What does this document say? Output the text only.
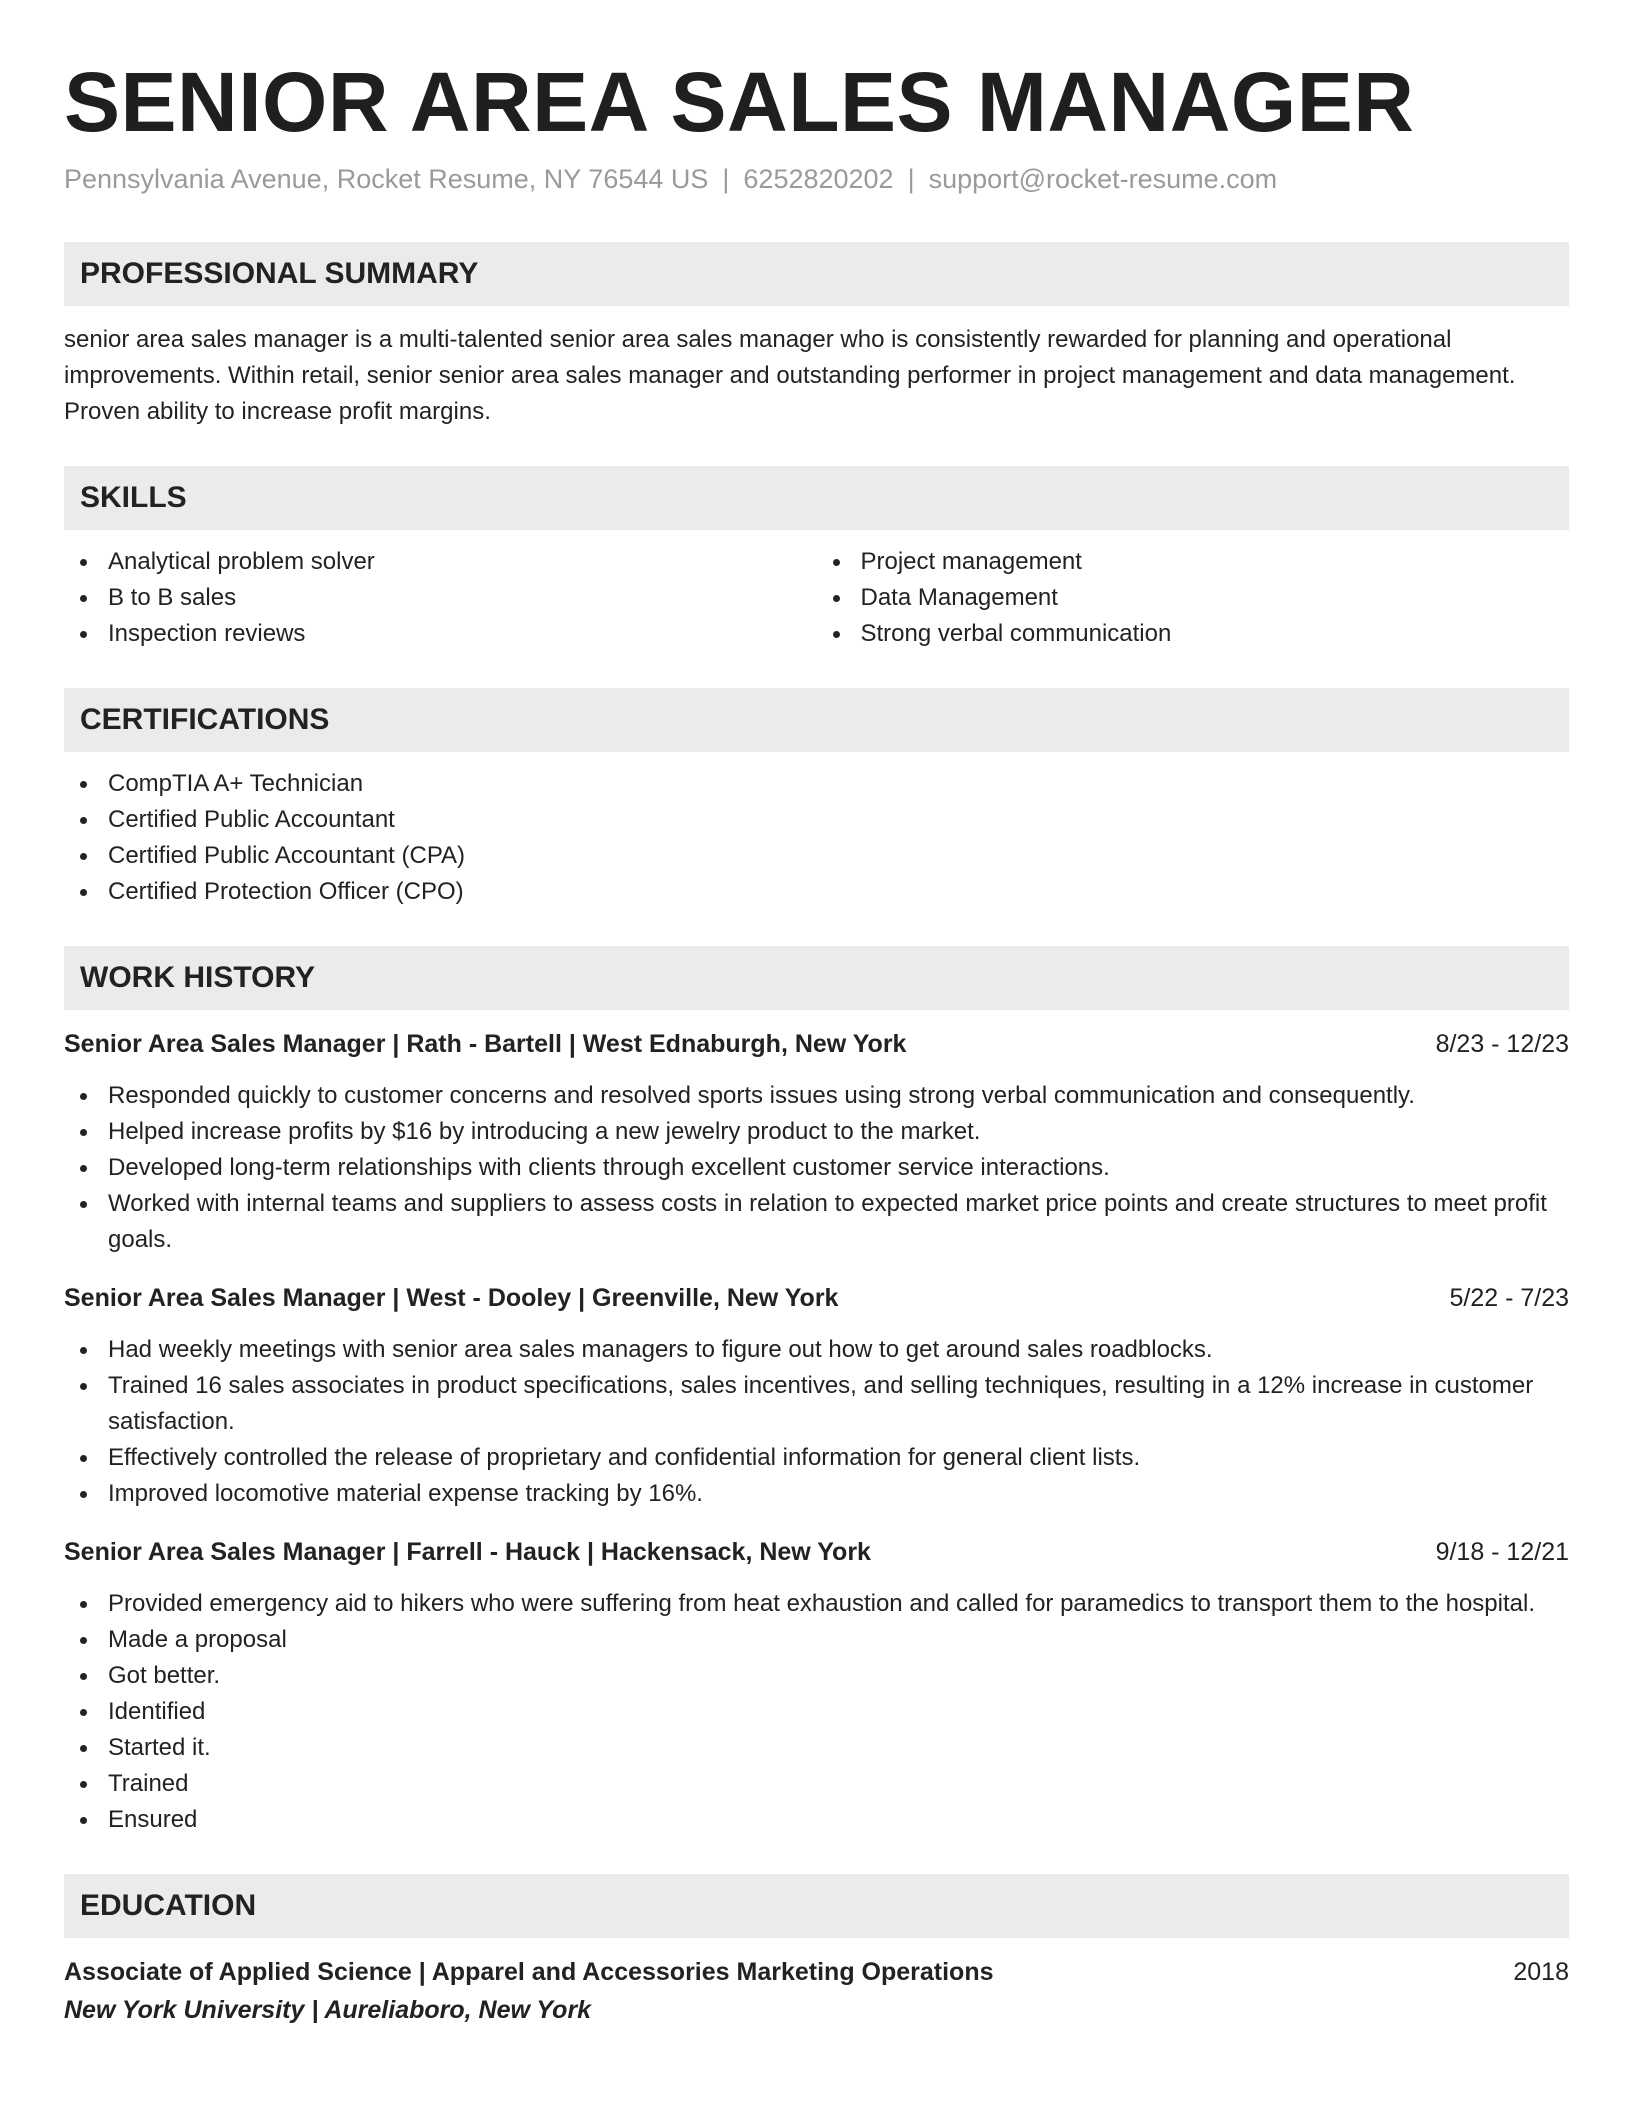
SENIOR AREA SALES MANAGER
Pennsylvania Avenue, Rocket Resume, NY 76544 US | 6252820202 | support@rocket-resume.com
PROFESSIONAL SUMMARY

senior area sales manager is a multi-talented senior area sales manager who is consistently rewarded for planning and operational improvements. Within retail, senior senior area sales manager and outstanding performer in project management and data management. Proven ability to increase profit margins.

SKILLS
Analytical problem solver
B to B sales
Inspection reviews
Project management
Data Management
Strong verbal communication
CERTIFICATIONS
CompTIA A+ Technician
Certified Public Accountant
Certified Public Accountant (CPA)
Certified Protection Officer (CPO)
WORK HISTORY
Senior Area Sales Manager | Rath - Bartell | West Ednaburgh, New York	8/23 - 12/23
Responded quickly to customer concerns and resolved sports issues using strong verbal communication and consequently.
Helped increase profits by $16 by introducing a new jewelry product to the market.
Developed long-term relationships with clients through excellent customer service interactions.
Worked with internal teams and suppliers to assess costs in relation to expected market price points and create structures to meet profit goals.
Senior Area Sales Manager | West - Dooley | Greenville, New York	5/22 - 7/23
Had weekly meetings with senior area sales managers to figure out how to get around sales roadblocks.
Trained 16 sales associates in product specifications, sales incentives, and selling techniques, resulting in a 12% increase in customer satisfaction.
Effectively controlled the release of proprietary and confidential information for general client lists.
Improved locomotive material expense tracking by 16%.
Senior Area Sales Manager | Farrell - Hauck | Hackensack, New York	9/18 - 12/21
Provided emergency aid to hikers who were suffering from heat exhaustion and called for paramedics to transport them to the hospital.
Made a proposal
Got better.
Identified
Started it.
Trained
Ensured
EDUCATION
Associate of Applied Science | Apparel and Accessories Marketing Operations	2018
New York University | Aureliaboro, New York
